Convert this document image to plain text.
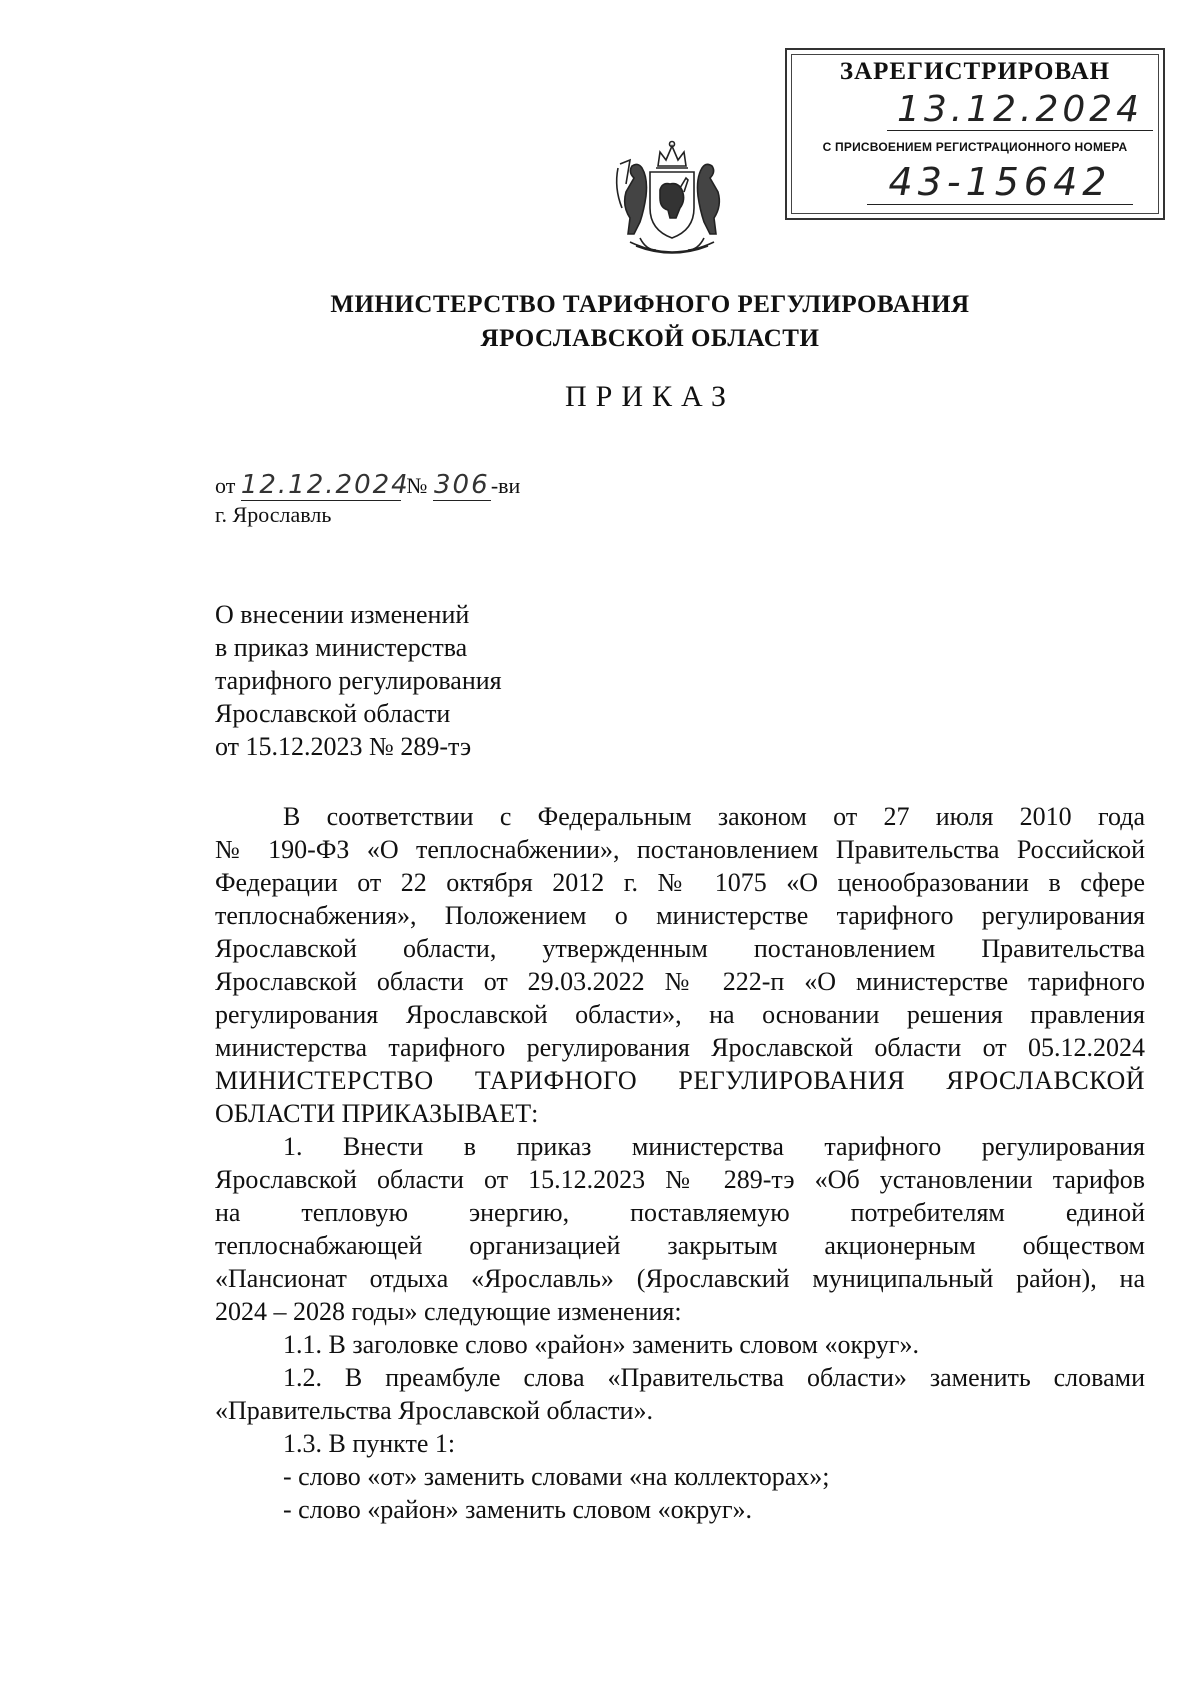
ЗАРЕГИСТРИРОВАН
13.12.2024
С ПРИСВОЕНИЕМ РЕГИСТРАЦИОННОГО НОМЕРА
43-15642
МИНИСТЕРСТВО ТАРИФНОГО РЕГУЛИРОВАНИЯ
ЯРОСЛАВСКОЙ ОБЛАСТИ
ПРИКАЗ
от 12.12.2024 № 306-ви
г. Ярославль
О внесении изменений
в приказ министерства
тарифного регулирования
Ярославской области
от 15.12.2023 № 289-тэ
В соответствии с Федеральным законом от 27 июля 2010 года
№ 190-ФЗ «О теплоснабжении», постановлением Правительства Российской
Федерации от 22 октября 2012 г. № 1075 «О ценообразовании в сфере
теплоснабжения», Положением о министерстве тарифного регулирования
Ярославской области, утвержденным постановлением Правительства
Ярославской области от 29.03.2022 № 222-п «О министерстве тарифного
регулирования Ярославской области», на основании решения правления
министерства тарифного регулирования Ярославской области от 05.12.2024
МИНИСТЕРСТВО ТАРИФНОГО РЕГУЛИРОВАНИЯ ЯРОСЛАВСКОЙ
ОБЛАСТИ ПРИКАЗЫВАЕТ:
1. Внести в приказ министерства тарифного регулирования
Ярославской области от 15.12.2023 № 289-тэ «Об установлении тарифов
на тепловую энергию, поставляемую потребителям единой
теплоснабжающей организацией закрытым акционерным обществом
«Пансионат отдыха «Ярославль» (Ярославский муниципальный район), на
2024 – 2028 годы» следующие изменения:
1.1. В заголовке слово «район» заменить словом «округ».
1.2. В преамбуле слова «Правительства области» заменить словами
«Правительства Ярославской области».
1.3. В пункте 1:
- слово «от» заменить словами «на коллекторах»;
- слово «район» заменить словом «округ».
